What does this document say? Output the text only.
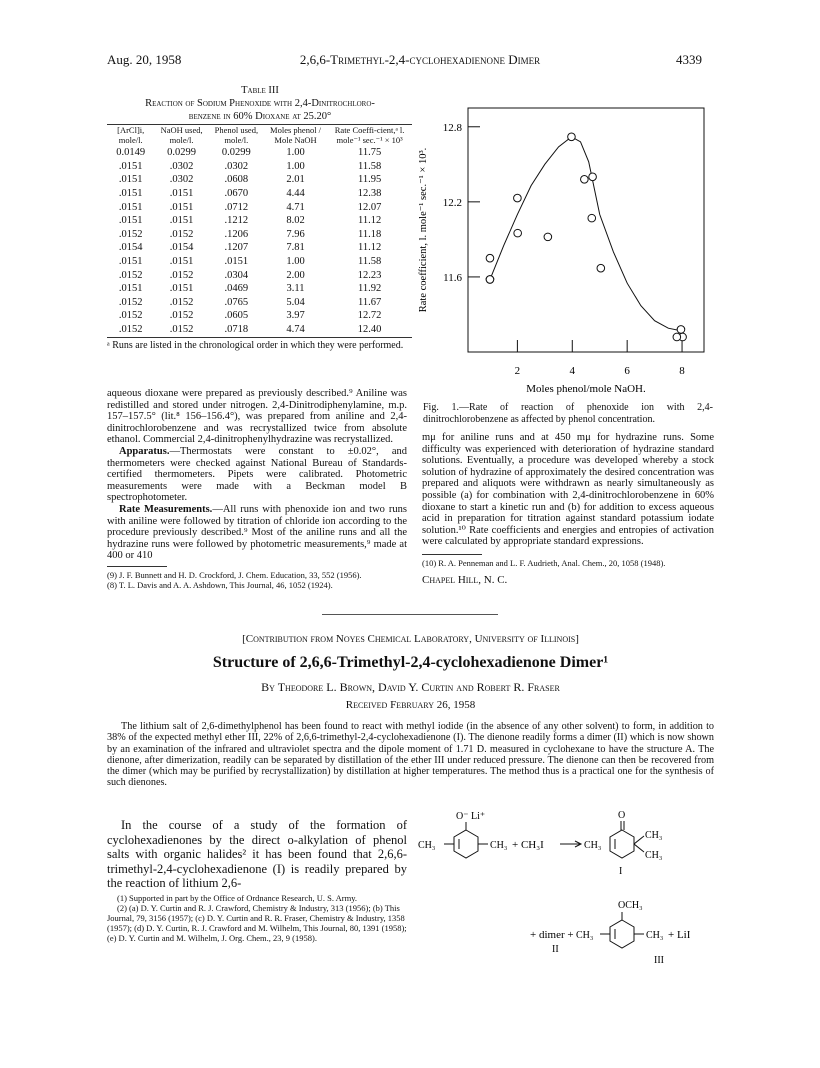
Aug. 20, 1958	2,6,6-Trimethyl-2,4-cyclohexadienone Dimer	4339
Table III
Reaction of Sodium Phenoxide with 2,4-Dinitrochloro-
benzene in 60% Dioxane at 25.20°
[ArCl]i, mole/l.	NaOH used, mole/l.	Phenol used, mole/l.	Moles phenol / Mole NaOH	Rate Coeffi-cient,ᵃ l. mole⁻¹ sec.⁻¹ × 10³
0.0149	0.0299	0.0299	1.00	11.75
.0151	.0302	.0302	1.00	11.58
.0151	.0302	.0608	2.01	11.95
.0151	.0151	.0670	4.44	12.38
.0151	.0151	.0712	4.71	12.07
.0151	.0151	.1212	8.02	11.12
.0152	.0152	.1206	7.96	11.18
.0154	.0154	.1207	7.81	11.12
.0151	.0151	.0151	1.00	11.58
.0152	.0152	.0304	2.00	12.23
.0151	.0151	.0469	3.11	11.92
.0152	.0152	.0765	5.04	11.67
.0152	.0152	.0605	3.97	12.72
.0152	.0152	.0718	4.74	12.40
ᵃ Runs are listed in the chronological order in which they were performed.
12.8
12.2
11.6
2	4	6	8
Moles phenol/mole NaOH.
Rate coefficient, l. mole⁻¹ sec.⁻¹ × 10³.
Fig. 1.—Rate of reaction of phenoxide ion with 2,4-dinitrochlorobenzene as affected by phenol concentration.
aqueous dioxane were prepared as previously described.⁹ Aniline was redistilled and stored under nitrogen. 2,4-Dinitrodiphenylamine, m.p. 157–157.5° (lit.⁸ 156–156.4°), was prepared from aniline and 2,4-dinitrochlorobenzene and was recrystallized twice from absolute ethanol. Commercial 2,4-dinitrophenylhydrazine was recrystallized.
Apparatus.—Thermostats were constant to ±0.02°, and thermometers were checked against National Bureau of Standards-certified thermometers. Pipets were calibrated. Photometric measurements were made with a Beckman model B spectrophotometer.
Rate Measurements.—All runs with phenoxide ion and two runs with aniline were followed by titration of chloride ion according to the procedure previously described.⁹ Most of the aniline runs and all the hydrazine runs were followed by photometric measurements,⁹ made at 400 or 410
(9) J. F. Bunnett and H. D. Crockford, J. Chem. Education, 33, 552 (1956).
(8) T. L. Davis and A. A. Ashdown, This Journal, 46, 1052 (1924).
mμ for aniline runs and at 450 mμ for hydrazine runs. Some difficulty was experienced with deterioration of hydrazine standard solutions. Eventually, a procedure was developed whereby a stock solution of hydrazine of approximately the desired concentration was prepared and aliquots were withdrawn as nearly simultaneously as possible (a) for combination with 2,4-dinitrochlorobenzene in 60% dioxane to start a kinetic run and (b) for addition to excess aqueous acid in preparation for titration against standard potassium iodate solution.¹⁰ Rate coefficients and energies and entropies of activation were calculated by appropriate standard expressions.
(10) R. A. Penneman and L. F. Audrieth, Anal. Chem., 20, 1058 (1948).
Chapel Hill, N. C.
[Contribution from Noyes Chemical Laboratory, University of Illinois]
Structure of 2,6,6-Trimethyl-2,4-cyclohexadienone Dimer¹
By Theodore L. Brown, David Y. Curtin and Robert R. Fraser
Received February 26, 1958
The lithium salt of 2,6-dimethylphenol has been found to react with methyl iodide (in the absence of any other solvent) to form, in addition to 38% of the expected methyl ether III, 22% of 2,6,6-trimethyl-2,4-cyclohexadienone (I). The dienone readily forms a dimer (II) which is now shown by an examination of the infrared and ultraviolet spectra and the dipole moment of 1.71 D. measured in cyclohexane to have the structure A. The dienone, after dimerization, readily can be separated by distillation of the ether III under reduced pressure. The dienone can then be recovered from the dimer (which may be purified by recrystallization) by distillation at higher temperatures. The method thus is a practical one for the synthesis of such dienones.
In the course of a study of the formation of cyclohexadienones by the direct o-alkylation of phenol salts with organic halides² it has been found that 2,6,6-trimethyl-2,4-cyclohexadienone (I) is readily prepared by the reaction of lithium 2,6-
(1) Supported in part by the Office of Ordnance Research, U. S. Army.
(2) (a) D. Y. Curtin and R. J. Crawford, Chemistry & Industry, 313 (1956); (b) This Journal, 79, 3156 (1957); (c) D. Y. Curtin and R. R. Fraser, Chemistry & Industry, 1358 (1957); (d) D. Y. Curtin, R. J. Crawford and M. Wilhelm, This Journal, 80, 1391 (1958); (e) D. Y. Curtin and M. Wilhelm, J. Org. Chem., 23, 9 (1958).
O⁻ Li⁺
CH₃	CH₃ + CH₃I	CH₃
O
CH₃
CH₃
I
OCH₃
+ dimer +
II
CH₃	CH₃ + LiI
III
